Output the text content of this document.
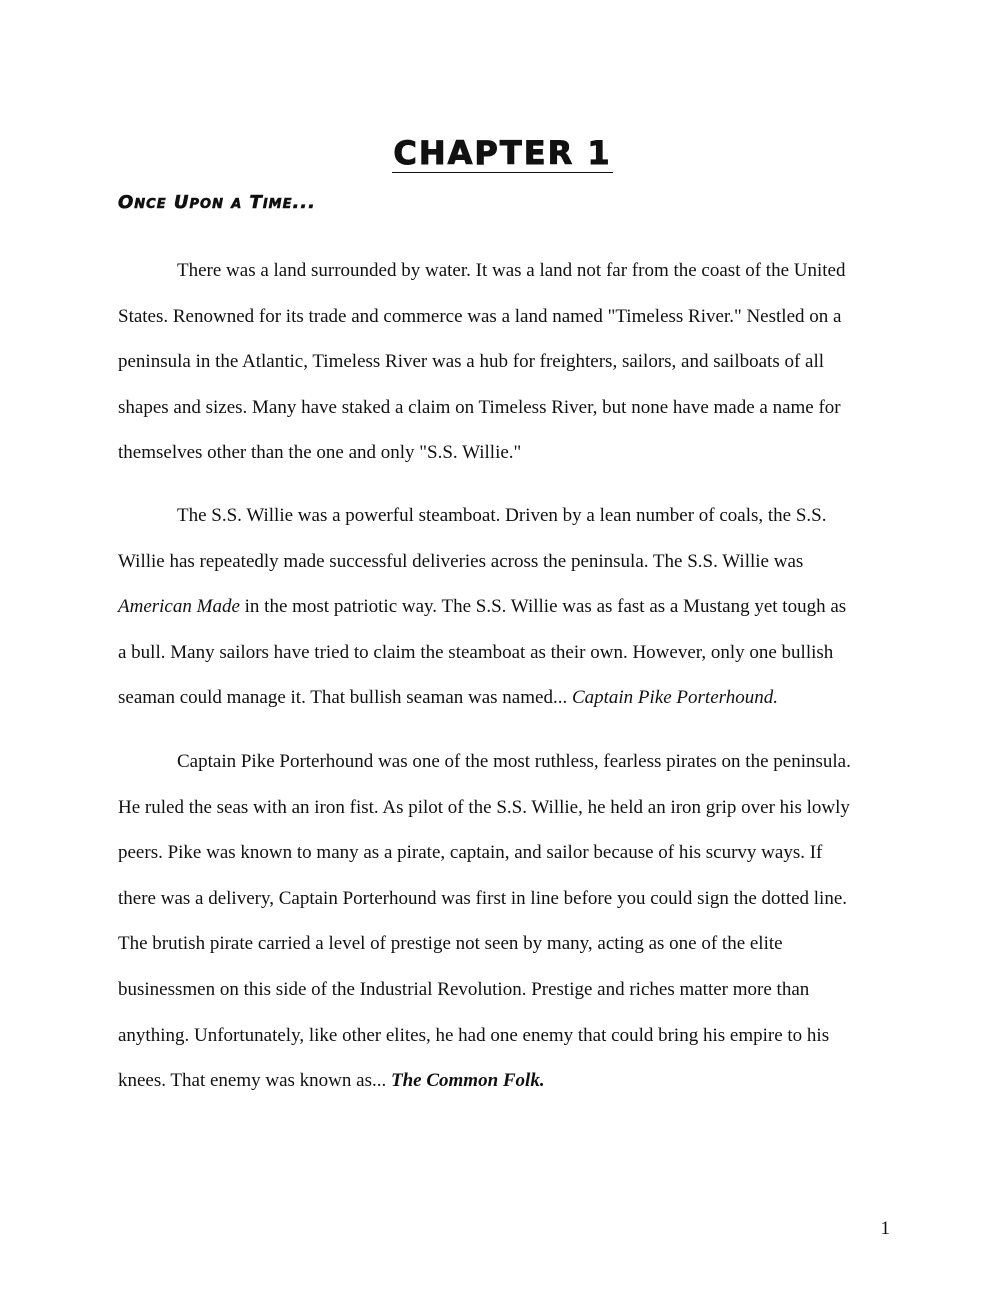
CHAPTER 1
Once Upon a Time...
There was a land surrounded by water. It was a land not far from the coast of the United
States. Renowned for its trade and commerce was a land named "Timeless River." Nestled on a
peninsula in the Atlantic, Timeless River was a hub for freighters, sailors, and sailboats of all
shapes and sizes. Many have staked a claim on Timeless River, but none have made a name for
themselves other than the one and only "S.S. Willie."
The S.S. Willie was a powerful steamboat. Driven by a lean number of coals, the S.S.
Willie has repeatedly made successful deliveries across the peninsula. The S.S. Willie was
American Made in the most patriotic way. The S.S. Willie was as fast as a Mustang yet tough as
a bull. Many sailors have tried to claim the steamboat as their own. However, only one bullish
seaman could manage it. That bullish seaman was named... Captain Pike Porterhound.
Captain Pike Porterhound was one of the most ruthless, fearless pirates on the peninsula.
He ruled the seas with an iron fist. As pilot of the S.S. Willie, he held an iron grip over his lowly
peers. Pike was known to many as a pirate, captain, and sailor because of his scurvy ways. If
there was a delivery, Captain Porterhound was first in line before you could sign the dotted line.
The brutish pirate carried a level of prestige not seen by many, acting as one of the elite
businessmen on this side of the Industrial Revolution. Prestige and riches matter more than
anything. Unfortunately, like other elites, he had one enemy that could bring his empire to his
knees. That enemy was known as... The Common Folk.

1
